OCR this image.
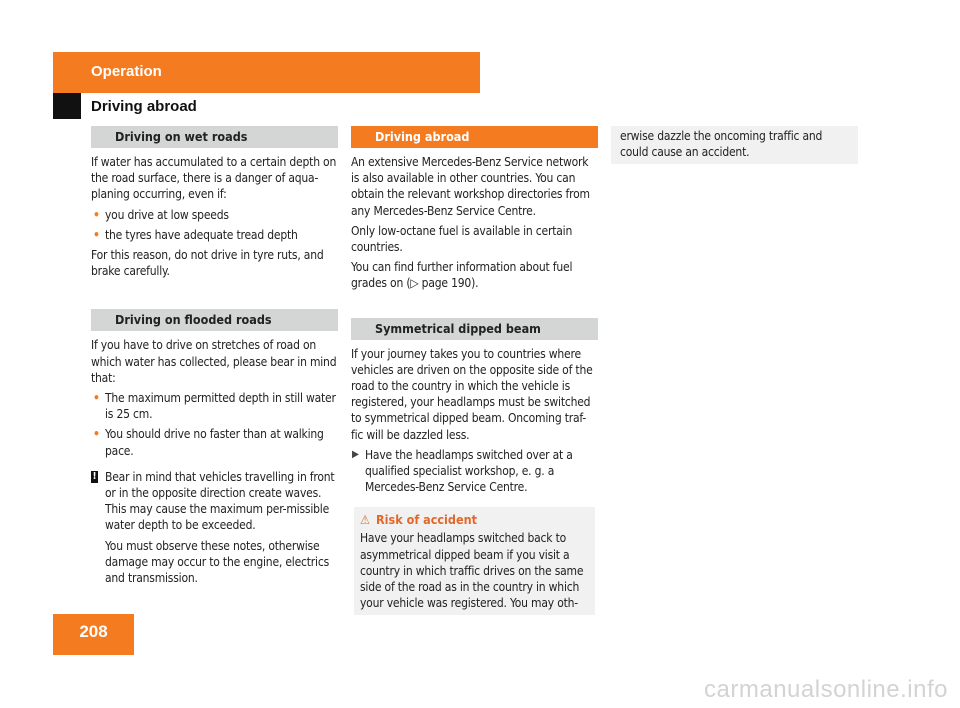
Operation
Driving abroad
Driving on wet roads

If water has accumulated to a certain depth on the road surface, there is a danger of aqua-planing occurring, even if:

• you drive at low speeds
• the tyres have adequate tread depth

For this reason, do not drive in tyre ruts, and brake carefully.

Driving on flooded roads

If you have to drive on stretches of road on which water has collected, please bear in mind that:

• The maximum permitted depth in still water is 25 cm.
• You should drive no faster than at walking pace.
! Bear in mind that vehicles travelling in front or in the opposite direction create waves. This may cause the maximum per-missible water depth to be exceeded.

You must observe these notes, otherwise damage may occur to the engine, electrics and transmission.

Driving abroad

An extensive Mercedes-Benz Service network is also available in other countries. You can obtain the relevant workshop directories from any Mercedes-Benz Service Centre.

Only low-octane fuel is available in certain countries.

You can find further information about fuel grades on (▷ page 190).

Symmetrical dipped beam

If your journey takes you to countries where vehicles are driven on the opposite side of the road to the country in which the vehicle is registered, your headlamps must be switched to symmetrical dipped beam. Oncoming traf-fic will be dazzled less.

▶ Have the headlamps switched over at a qualified specialist workshop, e. g. a Mercedes-Benz Service Centre.
⚠ Risk of accident

Have your headlamps switched back to asymmetrical dipped beam if you visit a country in which traffic drives on the same side of the road as in the country in which your vehicle was registered. You may oth-

erwise dazzle the oncoming traffic and could cause an accident.

208
carmanualsonline.info
